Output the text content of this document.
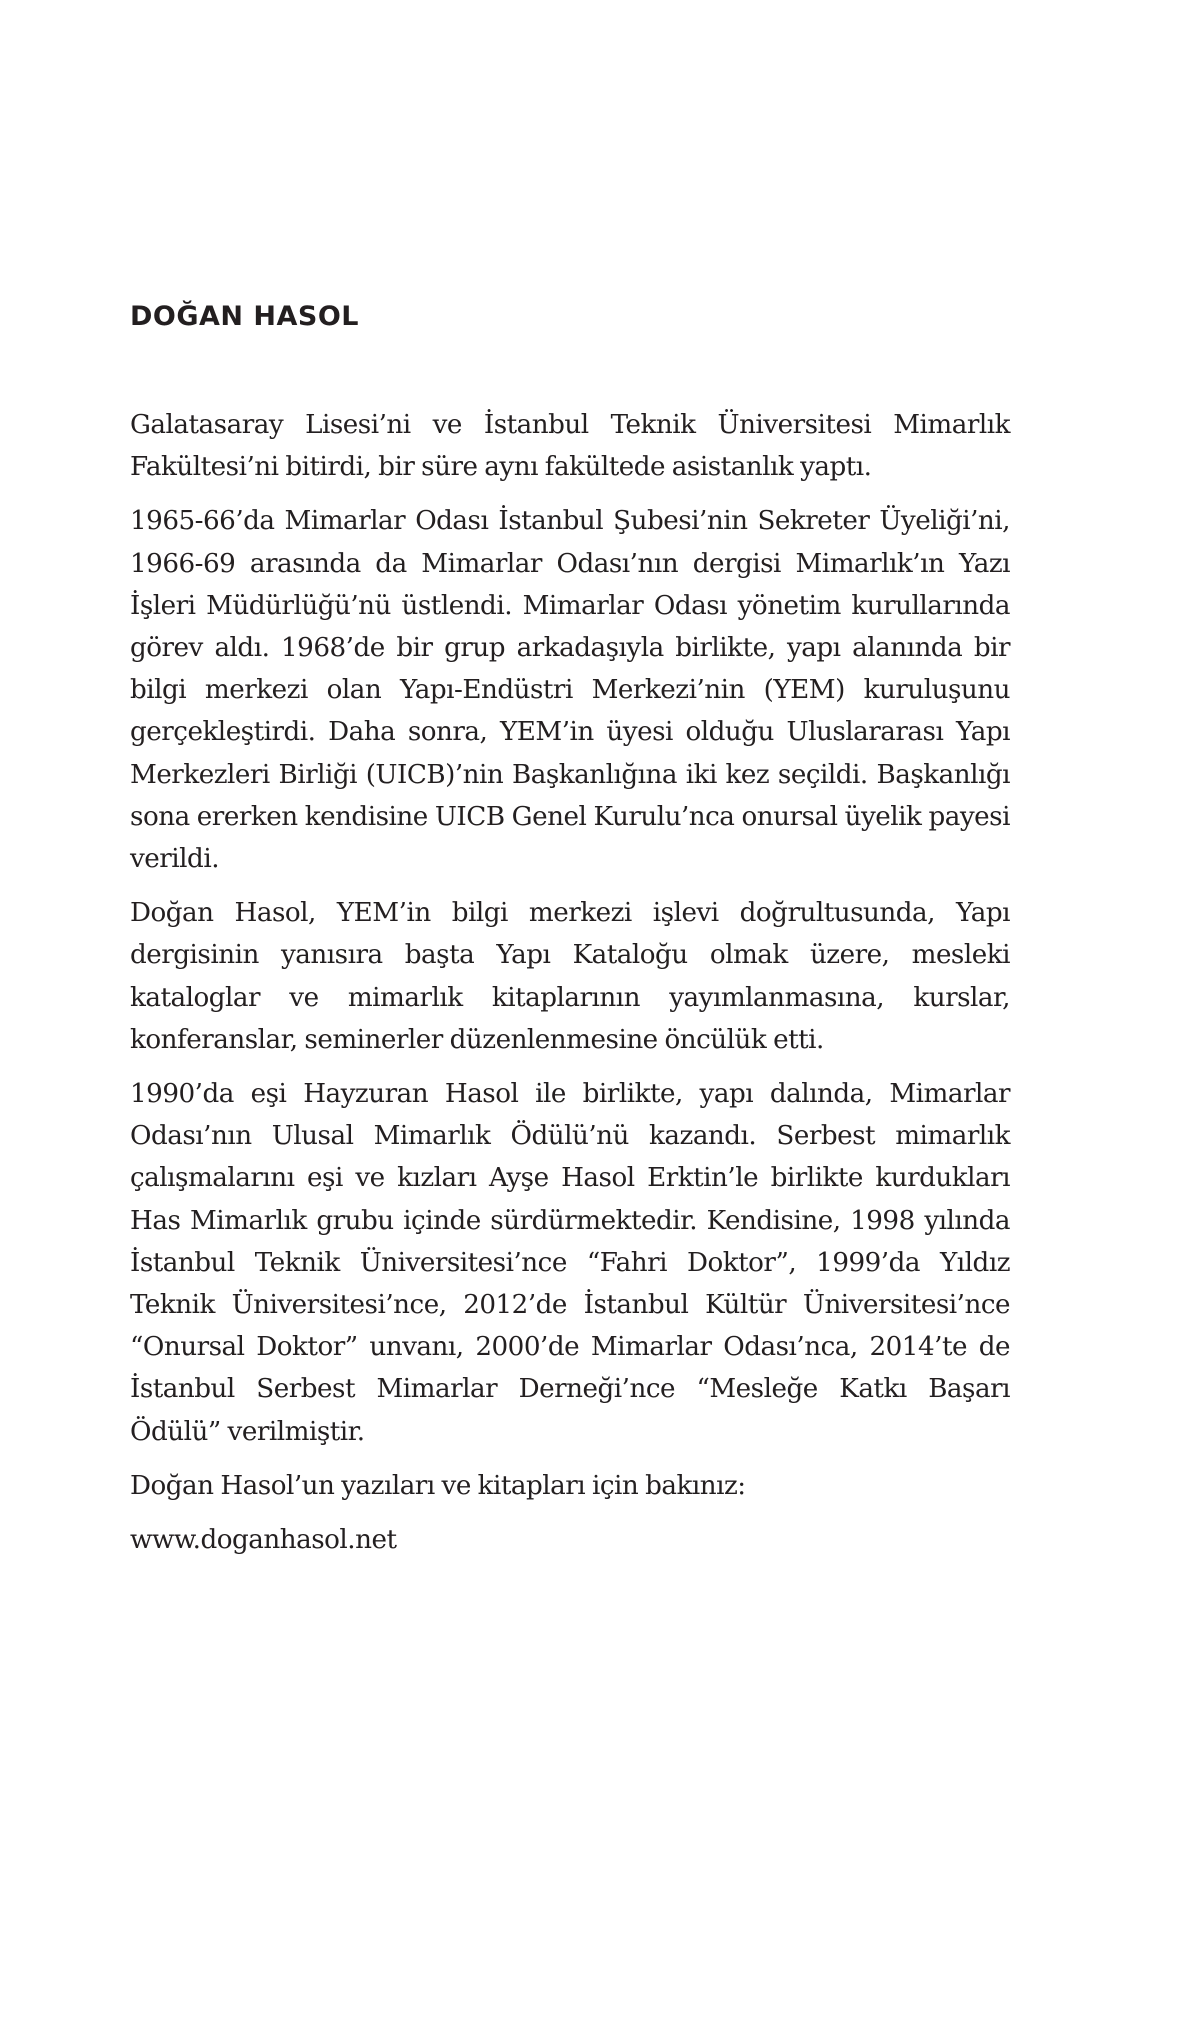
DOĞAN HASOL

Galatasaray Lisesi’ni ve İstanbul Teknik Üniversitesi Mimarlık Fakültesi’ni bitirdi, bir süre aynı fakültede asistanlık yaptı.

1965-66’da Mimarlar Odası İstanbul Şubesi’nin Sekreter Üyeliği’ni, 1966-69 arasında da Mimarlar Odası’nın dergisi Mimarlık’ın Yazı İşleri Müdürlüğü’nü üstlendi. Mimarlar Odası yönetim kurullarında görev aldı. 1968’de bir grup arkadaşıyla birlikte, yapı alanında bir bilgi merkezi olan Yapı-Endüstri Merkezi’nin (YEM) kuruluşunu gerçekleştirdi. Daha sonra, YEM’in üyesi olduğu Uluslararası Yapı Merkezleri Birliği (UICB)’nin Başkanlığına iki kez seçildi. Başkanlığı sona ererken kendisine UICB Genel Kurulu’nca onursal üyelik payesi verildi.

Doğan Hasol, YEM’in bilgi merkezi işlevi doğrultusunda, Yapı dergisinin yanısıra başta Yapı Kataloğu olmak üzere, mesleki kataloglar ve mimarlık kitaplarının yayımlanmasına, kurslar, konferanslar, seminerler düzenlenmesine öncülük etti.

1990’da eşi Hayzuran Hasol ile birlikte, yapı dalında, Mimarlar Odası’nın Ulusal Mimarlık Ödülü’nü kazandı. Serbest mimarlık çalışmalarını eşi ve kızları Ayşe Hasol Erktin’le birlikte kurdukları Has Mimarlık grubu içinde sürdürmektedir. Kendisine, 1998 yılında İstanbul Teknik Üniversitesi’nce “Fahri Doktor”, 1999’da Yıldız Teknik Üniversitesi’nce, 2012’de İstanbul Kültür Üniversitesi’nce “Onursal Doktor” unvanı, 2000’de Mimarlar Odası’nca, 2014’te de İstanbul Serbest Mimarlar Derneği’nce “Mesleğe Katkı Başarı Ödülü” verilmiştir.

Doğan Hasol’un yazıları ve kitapları için bakınız:

www.doganhasol.net
